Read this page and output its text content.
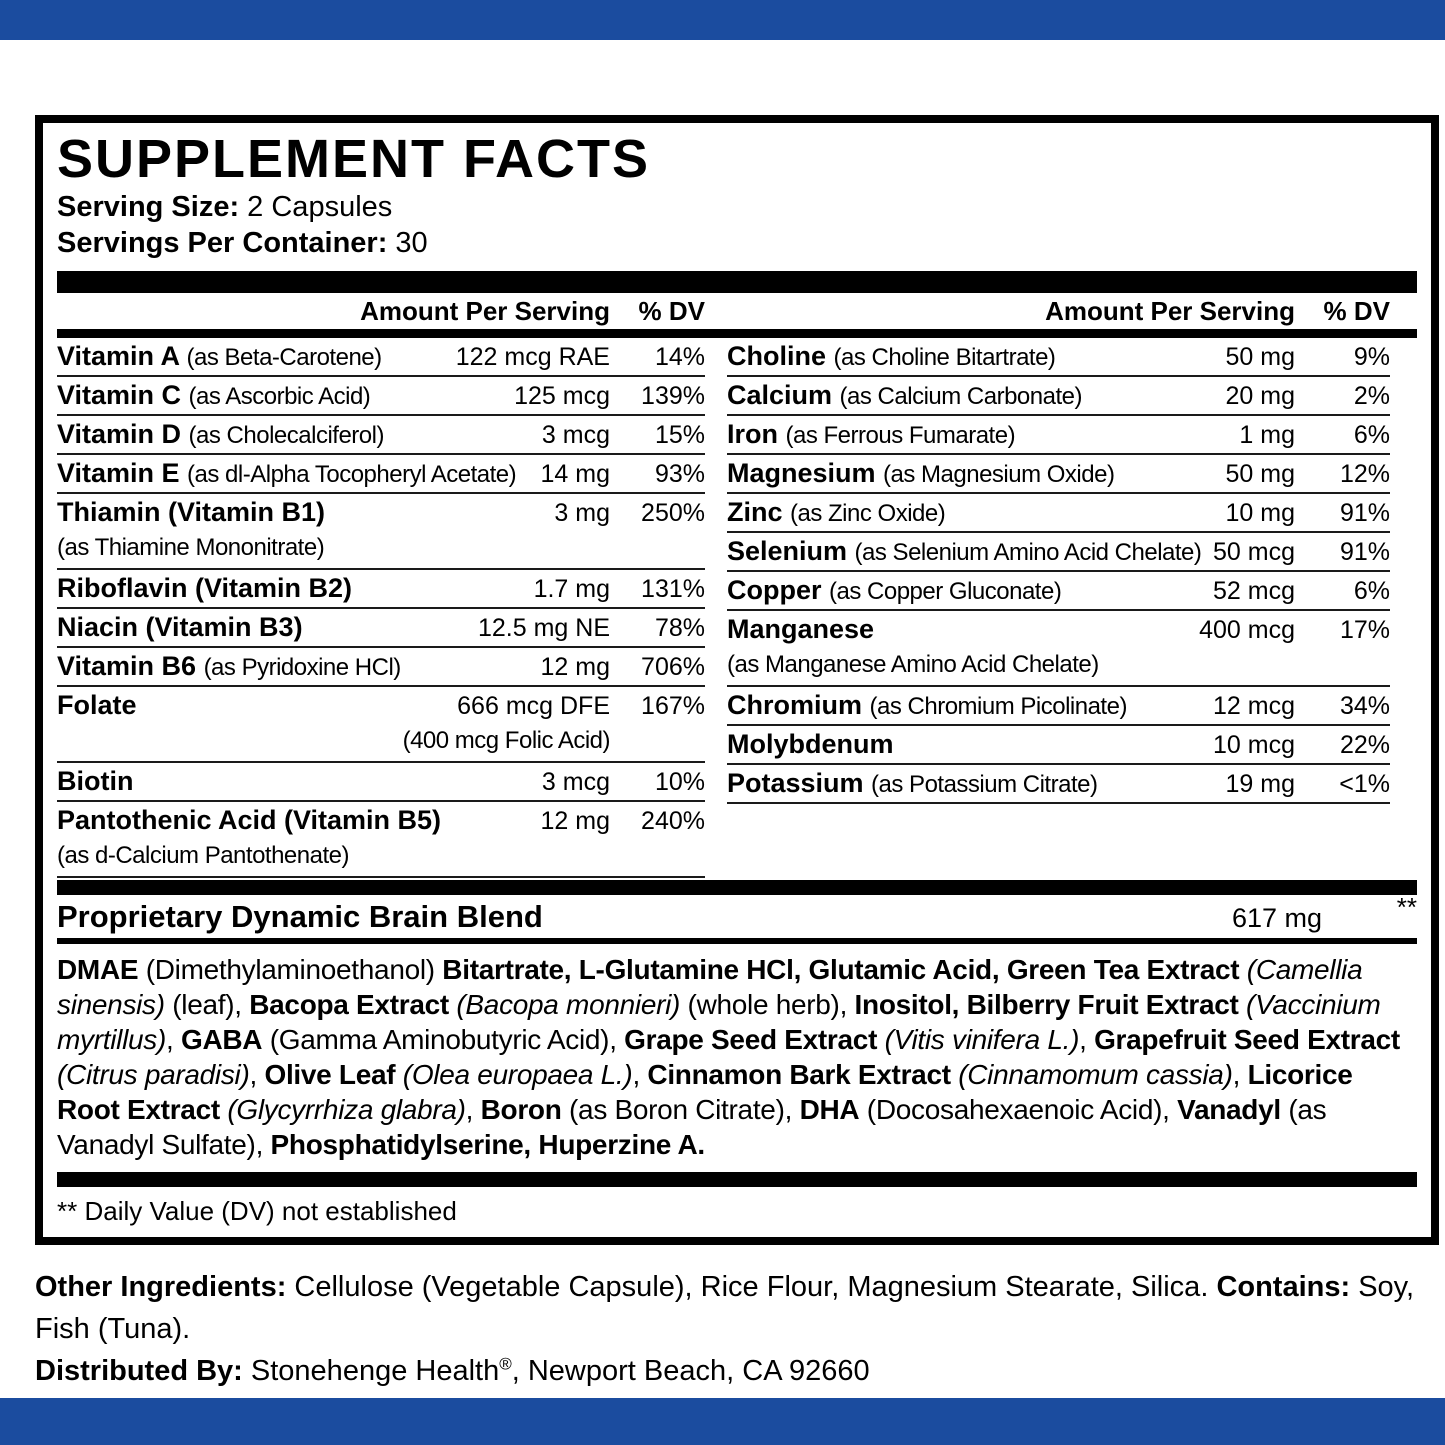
SUPPLEMENT FACTS
Serving Size: 2 Capsules
Servings Per Container: 30
Amount Per Serving	% DV	Amount Per Serving	% DV
Vitamin A (as Beta-Carotene)	122 mcg RAE	14%
Vitamin C (as Ascorbic Acid)	125 mcg	139%
Vitamin D (as Cholecalciferol)	3 mcg	15%
Vitamin E (as dl-Alpha Tocopheryl Acetate) 14 mg	93%
Thiamin (Vitamin B1)	3 mg	250%
(as Thiamine Mononitrate)
Riboflavin (Vitamin B2)	1.7 mg	131%
Niacin (Vitamin B3)	12.5 mg NE	78%
Vitamin B6 (as Pyridoxine HCl)	12 mg	706%
Folate	666 mcg DFE	167%
(400 mcg Folic Acid)
Biotin	3 mcg	10%
Pantothenic Acid (Vitamin B5)	12 mg	240%
(as d-Calcium Pantothenate)
Choline (as Choline Bitartrate)	50 mg	9%
Calcium (as Calcium Carbonate)	20 mg	2%
Iron (as Ferrous Fumarate)	1 mg	6%
Magnesium (as Magnesium Oxide)	50 mg	12%
Zinc (as Zinc Oxide)	10 mg	91%
Selenium (as Selenium Amino Acid Chelate) 50 mcg	91%
Copper (as Copper Gluconate)	52 mcg	6%
Manganese	400 mcg	17%
(as Manganese Amino Acid Chelate)
Chromium (as Chromium Picolinate)	12 mcg	34%
Molybdenum	10 mcg	22%
Potassium (as Potassium Citrate)	19 mg	<1%
Proprietary Dynamic Brain Blend	617 mg	**
DMAE (Dimethylaminoethanol) Bitartrate, L-Glutamine HCl, Glutamic Acid, Green Tea Extract (Camellia sinensis) (leaf), Bacopa Extract (Bacopa monnieri) (whole herb), Inositol, Bilberry Fruit Extract (Vaccinium myrtillus), GABA (Gamma Aminobutyric Acid), Grape Seed Extract (Vitis vinifera L.), Grapefruit Seed Extract (Citrus paradisi), Olive Leaf (Olea europaea L.), Cinnamon Bark Extract (Cinnamomum cassia), Licorice Root Extract (Glycyrrhiza glabra), Boron (as Boron Citrate), DHA (Docosahexaenoic Acid), Vanadyl (as Vanadyl Sulfate), Phosphatidylserine, Huperzine A.
** Daily Value (DV) not established
Other Ingredients: Cellulose (Vegetable Capsule), Rice Flour, Magnesium Stearate, Silica. Contains: Soy, Fish (Tuna).
Distributed By: Stonehenge Health®, Newport Beach, CA 92660
